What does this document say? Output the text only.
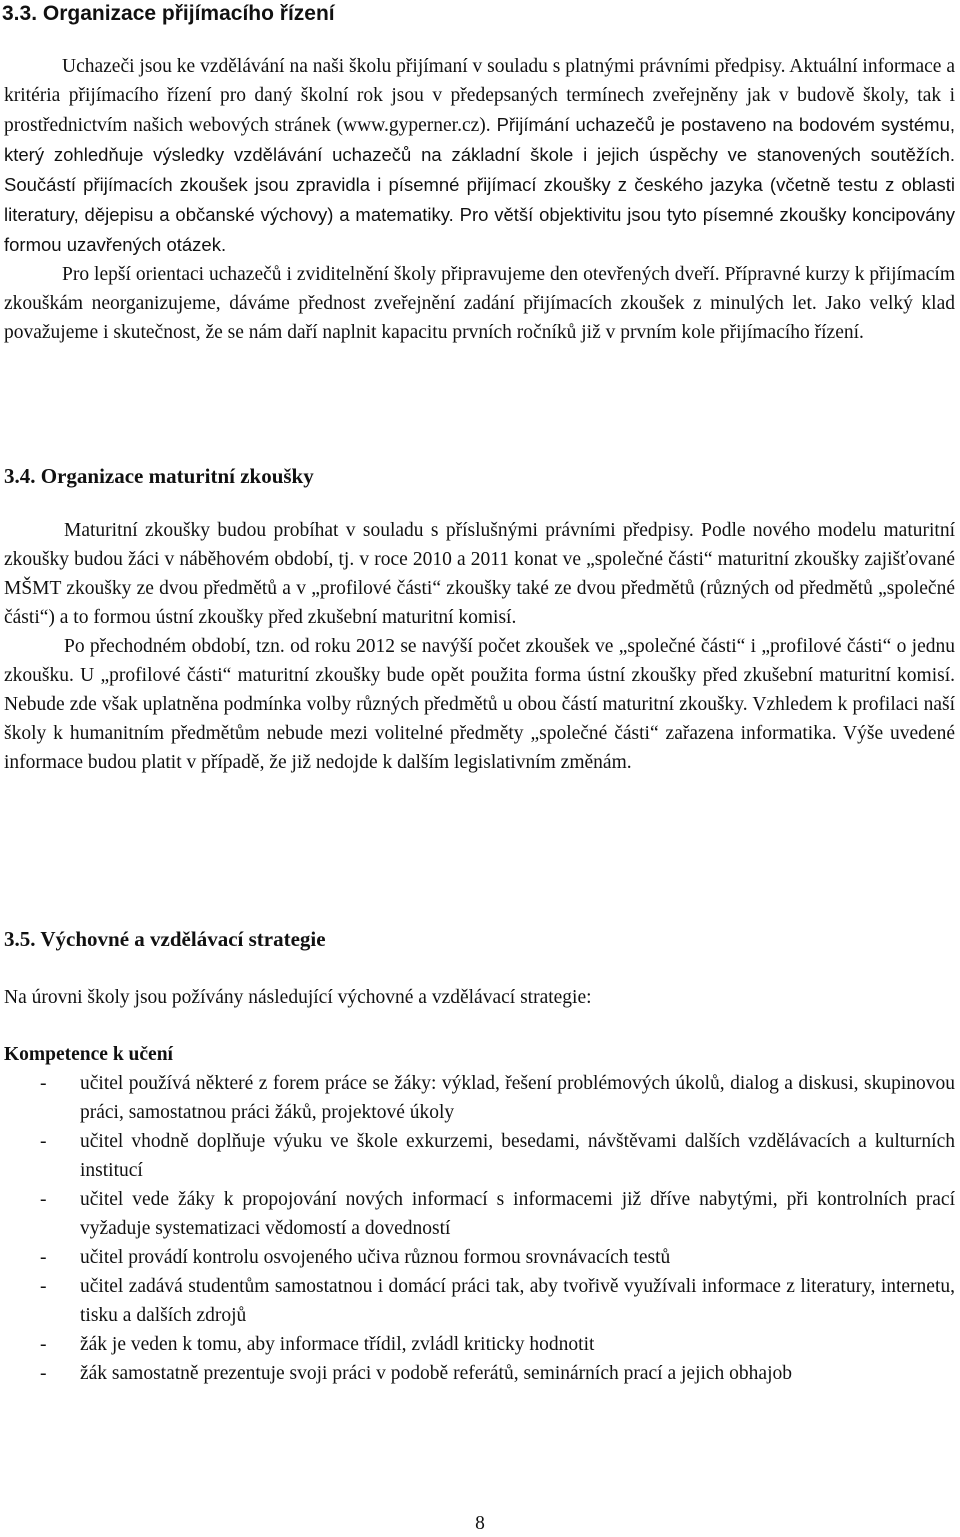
3.3. Organizace přijímacího řízení

Uchazeči jsou ke vzdělávání na naši školu přijímaní v souladu s platnými právními předpisy. Aktuální informace a kritéria přijímacího řízení pro daný školní rok jsou v předepsaných termínech zveřejněny jak v budově školy, tak i prostřednictvím našich webových stránek (www.gyperner.cz). Přijímání uchazečů je postaveno na bodovém systému, který zohledňuje výsledky vzdělávání uchazečů na základní škole i jejich úspěchy ve stanovených soutěžích. Součástí přijímacích zkoušek jsou zpravidla i písemné přijímací zkoušky z českého jazyka (včetně testu z oblasti literatury, dějepisu a občanské výchovy) a matematiky. Pro větší objektivitu jsou tyto písemné zkoušky koncipovány formou uzavřených otázek.

Pro lepší orientaci uchazečů i zviditelnění školy připravujeme den otevřených dveří. Přípravné kurzy k přijímacím zkouškám neorganizujeme, dáváme přednost zveřejnění zadání přijímacích zkoušek z minulých let. Jako velký klad považujeme i skutečnost, že se nám daří naplnit kapacitu prvních ročníků již v prvním kole přijímacího řízení.

3.4. Organizace maturitní zkoušky

Maturitní zkoušky budou probíhat v souladu s příslušnými právními předpisy. Podle nového modelu maturitní zkoušky budou žáci v náběhovém období, tj. v roce 2010 a 2011 konat ve „společné části“ maturitní zkoušky zajišťované MŠMT zkoušky ze dvou předmětů a v „profilové části“ zkoušky také ze dvou předmětů (různých od předmětů „společné části“) a to formou ústní zkoušky před zkušební maturitní komisí.

Po přechodném období, tzn. od roku 2012 se navýší počet zkoušek ve „společné části“ i „profilové části“ o jednu zkoušku. U „profilové části“ maturitní zkoušky bude opět použita forma ústní zkoušky před zkušební maturitní komisí. Nebude zde však uplatněna podmínka volby různých předmětů u obou částí maturitní zkoušky. Vzhledem k profilaci naší školy k humanitním předmětům nebude mezi volitelné předměty „společné části“ zařazena informatika. Výše uvedené informace budou platit v případě, že již nedojde k dalším legislativním změnám.

3.5. Výchovné a vzdělávací strategie

Na úrovni školy jsou požívány následující výchovné a vzdělávací strategie:

Kompetence k učení

- učitel používá některé z forem práce se žáky: výklad, řešení problémových úkolů, dialog a diskusi, skupinovou práci, samostatnou práci žáků, projektové úkoly
- učitel vhodně doplňuje výuku ve škole exkurzemi, besedami, návštěvami dalších vzdělávacích a kulturních institucí
- učitel vede žáky k propojování nových informací s informacemi již dříve nabytými, při kontrolních prací vyžaduje systematizaci vědomostí a dovedností
- učitel provádí kontrolu osvojeného učiva různou formou srovnávacích testů
- učitel zadává studentům samostatnou i domácí práci tak, aby tvořivě využívali informace z literatury, internetu, tisku a dalších zdrojů
- žák je veden k tomu, aby informace třídil, zvládl kriticky hodnotit
- žák samostatně prezentuje svoji práci v podobě referátů, seminárních prací a jejich obhajob

8
